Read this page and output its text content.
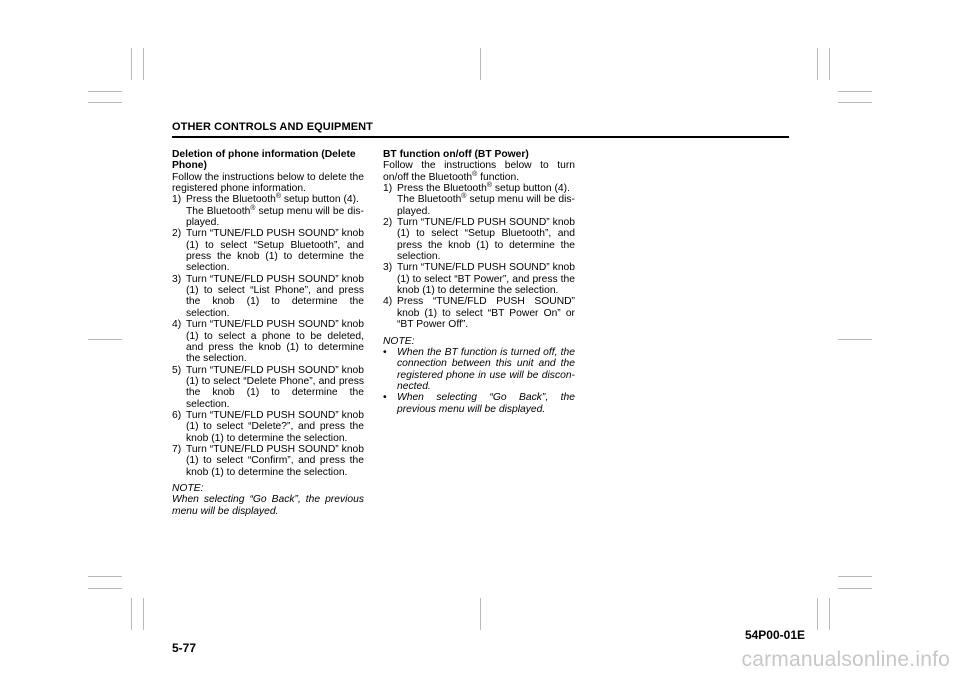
OTHER CONTROLS AND EQUIPMENT

Deletion of phone information (Delete Phone)

Follow the instructions below to delete the registered phone information.

1) Press the Bluetooth® setup button (4).
The Bluetooth® setup menu will be dis-played.
2) Turn “TUNE/FLD PUSH SOUND” knob (1) to select “Setup Bluetooth”, and press the knob (1) to determine the selection.
3) Turn “TUNE/FLD PUSH SOUND” knob (1) to select “List Phone”, and press the knob (1) to determine the selection.
4) Turn “TUNE/FLD PUSH SOUND” knob (1) to select a phone to be deleted, and press the knob (1) to determine the selection.
5) Turn “TUNE/FLD PUSH SOUND” knob (1) to select “Delete Phone”, and press the knob (1) to determine the selection.
6) Turn “TUNE/FLD PUSH SOUND” knob (1) to select “Delete?”, and press the knob (1) to determine the selection.
7) Turn “TUNE/FLD PUSH SOUND” knob (1) to select “Confirm”, and press the knob (1) to determine the selection.

NOTE:

When selecting “Go Back”, the previous menu will be displayed.

BT function on/off (BT Power)

Follow the instructions below to turn on/off the Bluetooth® function.

1) Press the Bluetooth® setup button (4).
The Bluetooth® setup menu will be dis-played.
2) Turn “TUNE/FLD PUSH SOUND” knob (1) to select “Setup Bluetooth”, and press the knob (1) to determine the selection.
3) Turn “TUNE/FLD PUSH SOUND” knob (1) to select “BT Power”, and press the knob (1) to determine the selection.
4) Press “TUNE/FLD PUSH SOUND” knob (1) to select “BT Power On” or “BT Power Off”.

NOTE:

• When the BT function is turned off, the connection between this unit and the registered phone in use will be discon-nected.
• When selecting “Go Back”, the previous menu will be displayed.

5-77

54P00-01E

carmanualsonline.info
